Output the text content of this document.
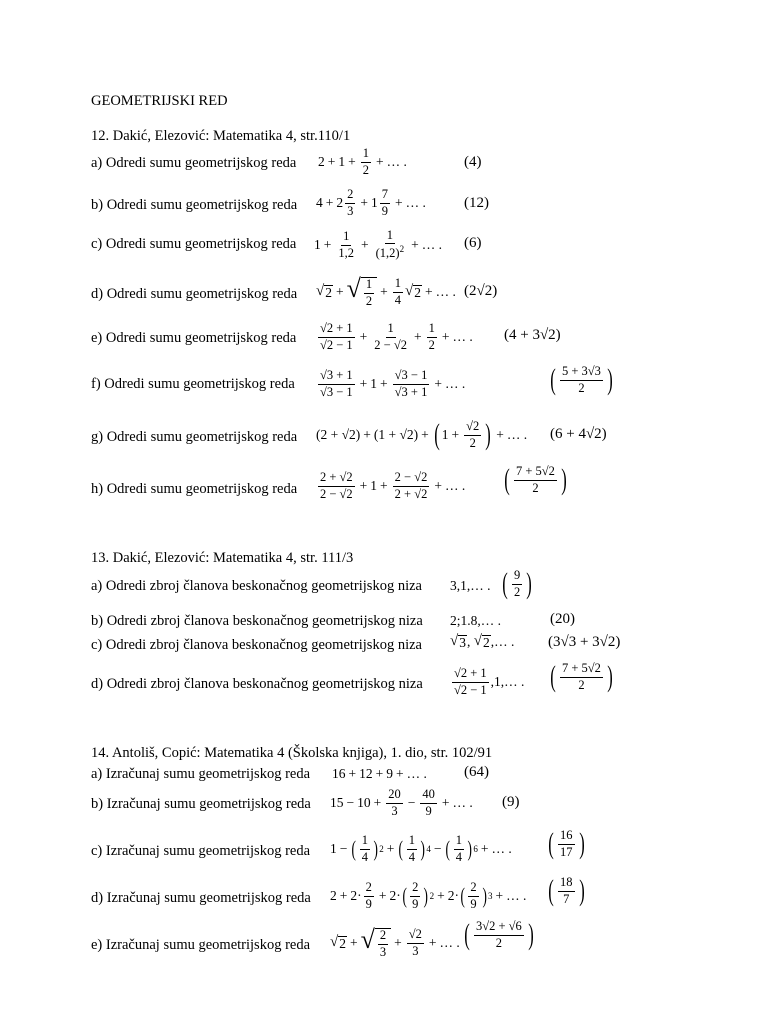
GEOMETRIJSKI RED
12. Dakić, Elezović: Matematika 4, str.110/1
a) Odredi sumu geometrijskog reda $2 + 1 + \frac{1}{2}$ + … .	(4)
b) Odredi sumu geometrijskog reda $4 + 2 \frac{2}{3} + 1 \frac{7}{9}$ + … .	(12)
c) Odredi sumu geometrijskog reda $1 + \frac{1}{1,2} + \frac{1}{(1,2)^2}$ + … . (6)
d) Odredi sumu geometrijskog reda √ 2 + √ $\frac{1}{2} + \frac{1}{4}$ √ 2 + … . (2√2)
e) Odredi sumu geometrijskog reda $\frac{√2 + 1}{√2 - 1} + \frac{1}{2 - √2} + \frac{1}{2}$ + … . (4 + 3√2)
f) Odredi sumu geometrijskog reda $\frac{√3 + 1}{√3 - 1} + 1 + \frac{√3 - 1}{√3 + 1}$ + … .	( $\frac{5 + 3√3}{2}$ )
g) Odredi sumu geometrijskog reda (2 + √2) + (1 + √2) + ( $1 + \frac{√2}{2}$ ) + … . (6 + 4√2)
h) Odredi sumu geometrijskog reda $\frac{2 + √2}{2 - √2} + 1 + \frac{2 - √2}{2 + √2}$ + … . ( $\frac{7 + 5√2}{2}$ )
13. Dakić, Elezović: Matematika 4, str. 111/3
a) Odredi zbroj članova beskonačnog geometrijskog niza 3,1,… . ( $\frac{9}{2}$ )
b) Odredi zbroj članova beskonačnog geometrijskog niza 2;1.8,… .	(20)
c) Odredi zbroj članova beskonačnog geometrijskog niza √ 3 , √ 2 ,… . (3√3 + 3√2)
d) Odredi zbroj članova beskonačnog geometrijskog niza $\frac{√2 + 1}{√2 - 1}$ ,1,… . ( $\frac{7 + 5√2}{2}$ )
14. Antoliš, Copić: Matematika 4 (Školska knjiga), 1. dio, str. 102/91
a) Izračunaj sumu geometrijskog reda 16 + 12 + 9 + … . (64)
b) Izračunaj sumu geometrijskog reda $15 - 10 + \frac{20}{3} - \frac{40}{9}$ + … . (9)
c) Izračunaj sumu geometrijskog reda 1 − ( $\frac{1}{4}$ ) 2 + ( $\frac{1}{4}$ ) 4 − ( $\frac{1}{4}$ ) 6 + … . ( $\frac{16}{17}$ )
d) Izračunaj sumu geometrijskog reda $2 + 2\cdot \frac{2}{9} + 2\cdot$ ( $\frac{2}{9}$ ) 2 + 2· ( $\frac{2}{9}$ ) 3 + … . ( $\frac{18}{7}$ )
e) Izračunaj sumu geometrijskog reda √ 2 + √ $\frac{2}{3} + \frac{√2}{3}$ + … . ( $\frac{3√2 + √6}{2}$ )
